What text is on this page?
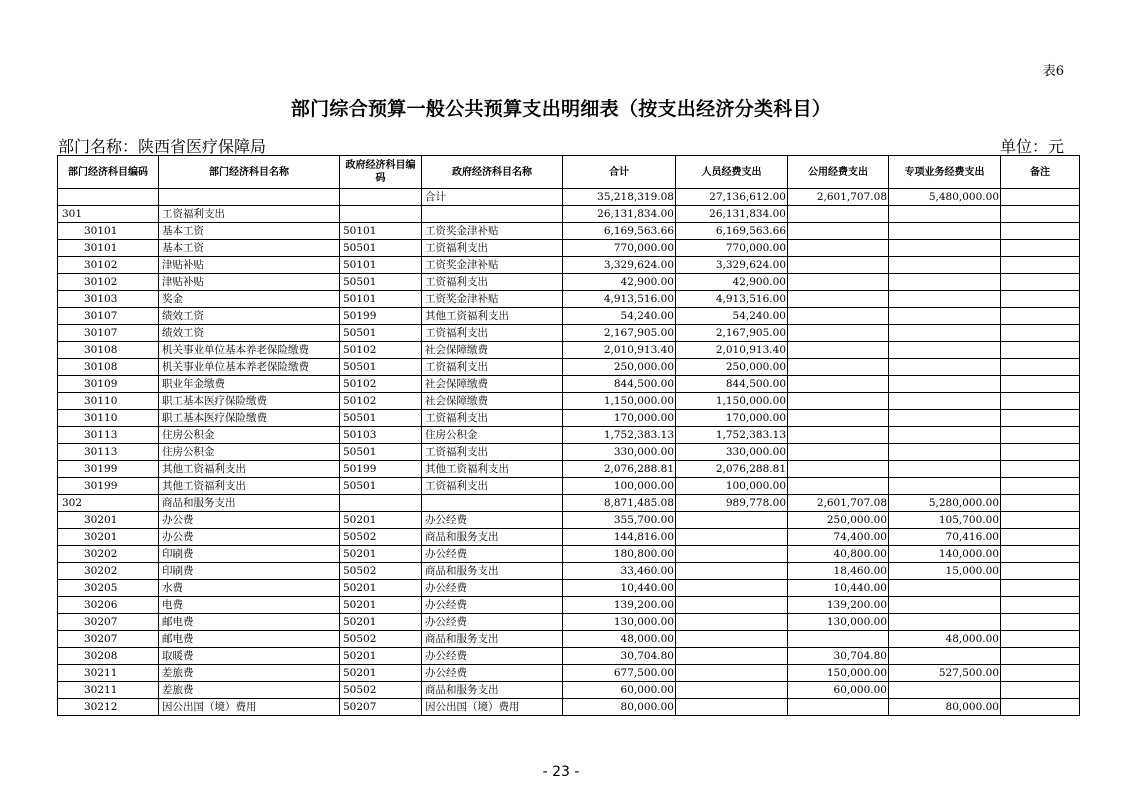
表6
部门综合预算一般公共预算支出明细表（按支出经济分类科目）
部门名称：陕西省医疗保障局	单位：元
部门经济科目编码	部门经济科目名称	政府经济科目编码	政府经济科目名称	合计	人员经费支出	公用经费支出	专项业务经费支出	备注
			合计	35,218,319.08	27,136,612.00	2,601,707.08	5,480,000.00	
301	工资福利支出			26,131,834.00	26,131,834.00			
30101	基本工资	50101	工资奖金津补贴	6,169,563.66	6,169,563.66			
30101	基本工资	50501	工资福利支出	770,000.00	770,000.00			
30102	津贴补贴	50101	工资奖金津补贴	3,329,624.00	3,329,624.00			
30102	津贴补贴	50501	工资福利支出	42,900.00	42,900.00			
30103	奖金	50101	工资奖金津补贴	4,913,516.00	4,913,516.00			
30107	绩效工资	50199	其他工资福利支出	54,240.00	54,240.00			
30107	绩效工资	50501	工资福利支出	2,167,905.00	2,167,905.00			
30108	机关事业单位基本养老保险缴费	50102	社会保障缴费	2,010,913.40	2,010,913.40			
30108	机关事业单位基本养老保险缴费	50501	工资福利支出	250,000.00	250,000.00			
30109	职业年金缴费	50102	社会保障缴费	844,500.00	844,500.00			
30110	职工基本医疗保险缴费	50102	社会保障缴费	1,150,000.00	1,150,000.00			
30110	职工基本医疗保险缴费	50501	工资福利支出	170,000.00	170,000.00			
30113	住房公积金	50103	住房公积金	1,752,383.13	1,752,383.13			
30113	住房公积金	50501	工资福利支出	330,000.00	330,000.00			
30199	其他工资福利支出	50199	其他工资福利支出	2,076,288.81	2,076,288.81			
30199	其他工资福利支出	50501	工资福利支出	100,000.00	100,000.00			
302	商品和服务支出			8,871,485.08	989,778.00	2,601,707.08	5,280,000.00	
30201	办公费	50201	办公经费	355,700.00		250,000.00	105,700.00	
30201	办公费	50502	商品和服务支出	144,816.00		74,400.00	70,416.00	
30202	印刷费	50201	办公经费	180,800.00		40,800.00	140,000.00	
30202	印刷费	50502	商品和服务支出	33,460.00		18,460.00	15,000.00	
30205	水费	50201	办公经费	10,440.00		10,440.00		
30206	电费	50201	办公经费	139,200.00		139,200.00		
30207	邮电费	50201	办公经费	130,000.00		130,000.00		
30207	邮电费	50502	商品和服务支出	48,000.00			48,000.00	
30208	取暖费	50201	办公经费	30,704.80		30,704.80		
30211	差旅费	50201	办公经费	677,500.00		150,000.00	527,500.00	
30211	差旅费	50502	商品和服务支出	60,000.00		60,000.00		
30212	因公出国（境）费用	50207	因公出国（境）费用	80,000.00			80,000.00	
- 23 -
